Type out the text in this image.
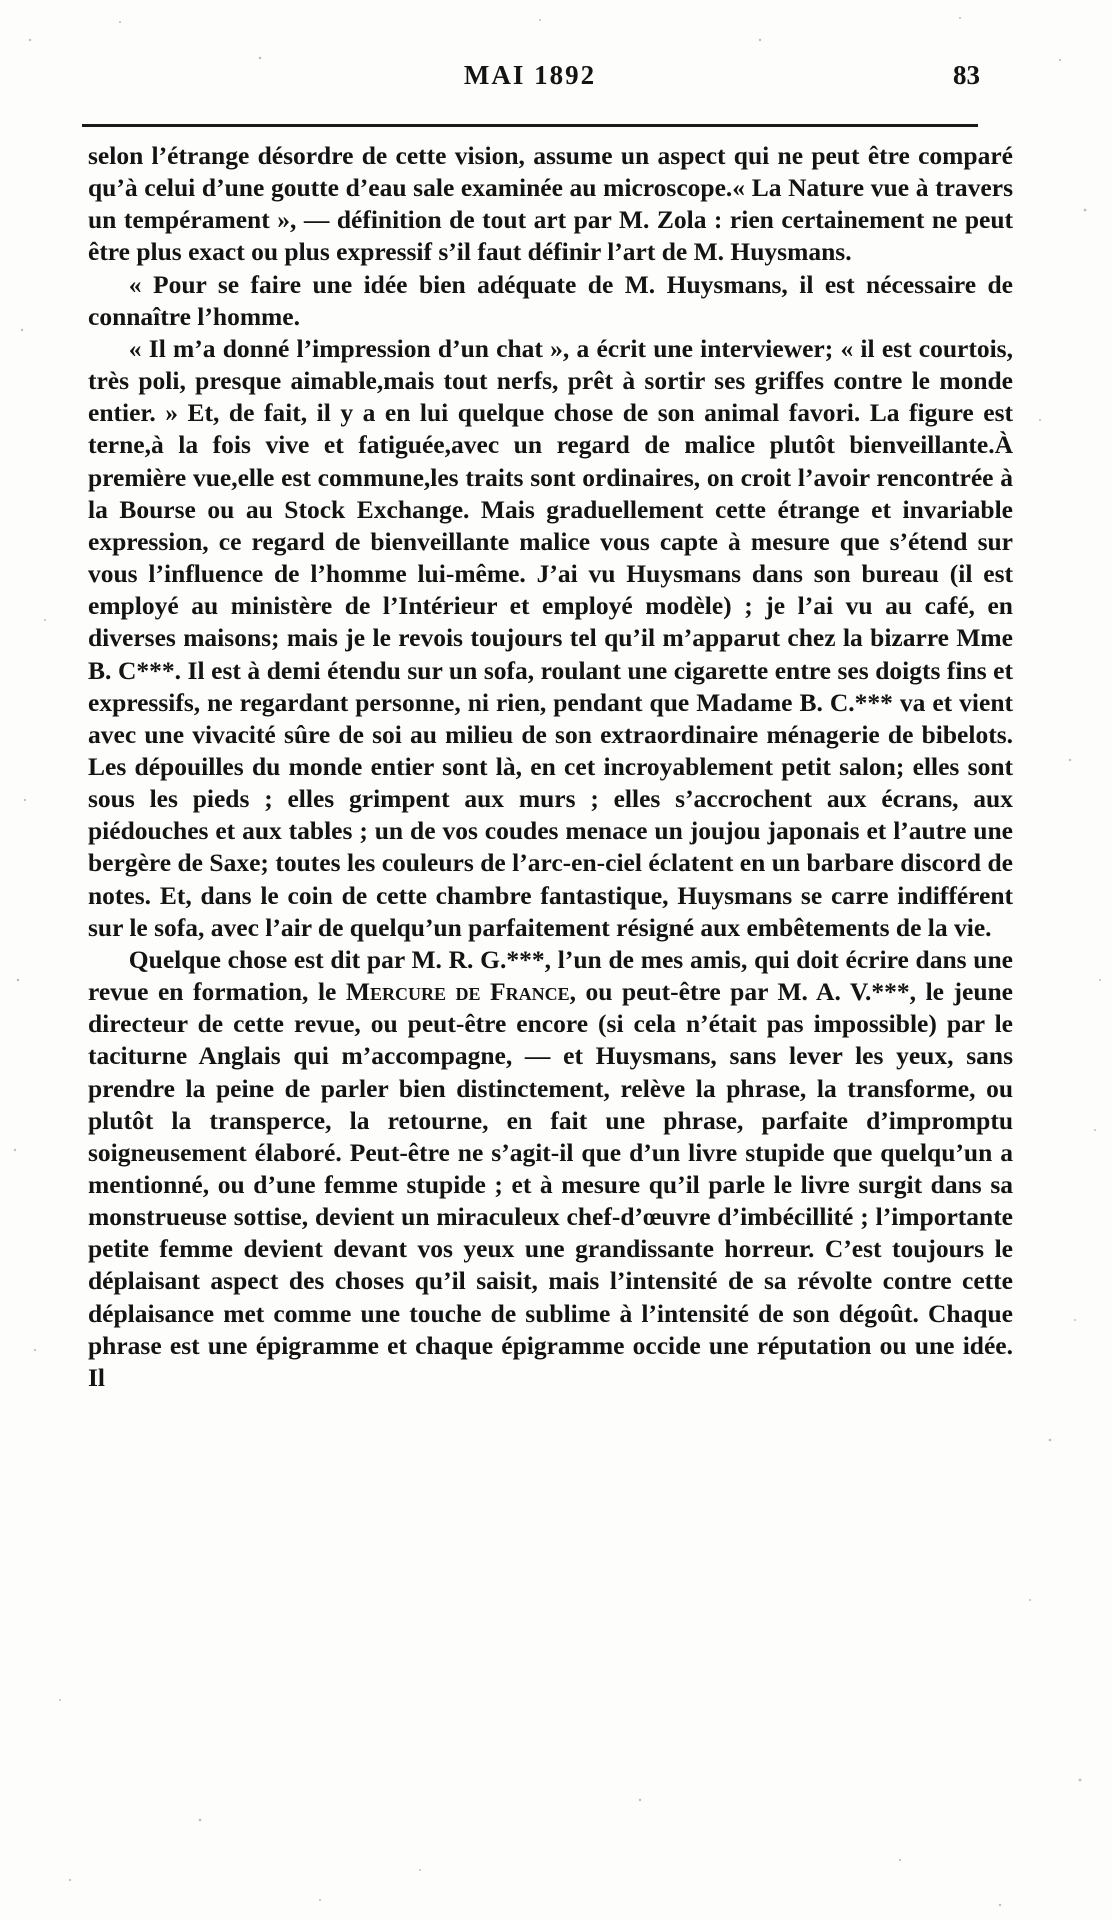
MAI 1892	83

selon l’étrange désordre de cette vision, assume un aspect qui ne peut être comparé qu’à celui d’une goutte d’eau sale examinée au microscope.« La Nature vue à travers un tempérament », — définition de tout art par M. Zola : rien certainement ne peut être plus exact ou plus expressif s’il faut définir l’art de M. Huysmans.

« Pour se faire une idée bien adéquate de M. Huysmans, il est nécessaire de connaître l’homme.

« Il m’a donné l’impression d’un chat », a écrit une interviewer; « il est courtois, très poli, presque aimable,mais tout nerfs, prêt à sortir ses griffes contre le monde entier. » Et, de fait, il y a en lui quelque chose de son animal favori. La figure est terne,à la fois vive et fatiguée,avec un regard de malice plutôt bienveillante.À première vue,elle est commune,les traits sont ordinaires, on croit l’avoir rencontrée à la Bourse ou au Stock Exchange. Mais graduellement cette étrange et invariable expression, ce regard de bienveillante malice vous capte à mesure que s’étend sur vous l’influence de l’homme lui-même. J’ai vu Huysmans dans son bureau (il est employé au ministère de l’Intérieur et employé modèle) ; je l’ai vu au café, en diverses maisons; mais je le revois toujours tel qu’il m’apparut chez la bizarre Mme B. C***. Il est à demi étendu sur un sofa, roulant une cigarette entre ses doigts fins et expressifs, ne regardant personne, ni rien, pendant que Madame B. C.*** va et vient avec une vivacité sûre de soi au milieu de son extraordinaire ménagerie de bibelots. Les dépouilles du monde entier sont là, en cet incroyablement petit salon; elles sont sous les pieds ; elles grimpent aux murs ; elles s’accrochent aux écrans, aux piédouches et aux tables ; un de vos coudes menace un joujou japonais et l’autre une bergère de Saxe; toutes les couleurs de l’arc-en-ciel éclatent en un barbare discord de notes. Et, dans le coin de cette chambre fantastique, Huysmans se carre indifférent sur le sofa, avec l’air de quelqu’un parfaitement résigné aux embêtements de la vie.

Quelque chose est dit par M. R. G.***, l’un de mes amis, qui doit écrire dans une revue en formation, le Mercure de France, ou peut-être par M. A. V.***, le jeune directeur de cette revue, ou peut-être encore (si cela n’était pas impossible) par le taciturne Anglais qui m’accompagne, — et Huysmans, sans lever les yeux, sans prendre la peine de parler bien distinctement, relève la phrase, la transforme, ou plutôt la transperce, la retourne, en fait une phrase, parfaite d’impromptu soigneusement élaboré. Peut-être ne s’agit-il que d’un livre stupide que quelqu’un a mentionné, ou d’une femme stupide ; et à mesure qu’il parle le livre surgit dans sa monstrueuse sottise, devient un miraculeux chef-d’œuvre d’imbécillité ; l’importante petite femme devient devant vos yeux une grandissante horreur. C’est toujours le déplaisant aspect des choses qu’il saisit, mais l’intensité de sa révolte contre cette déplaisance met comme une touche de sublime à l’intensité de son dégoût. Chaque phrase est une épigramme et chaque épigramme occide une réputation ou une idée. Il
